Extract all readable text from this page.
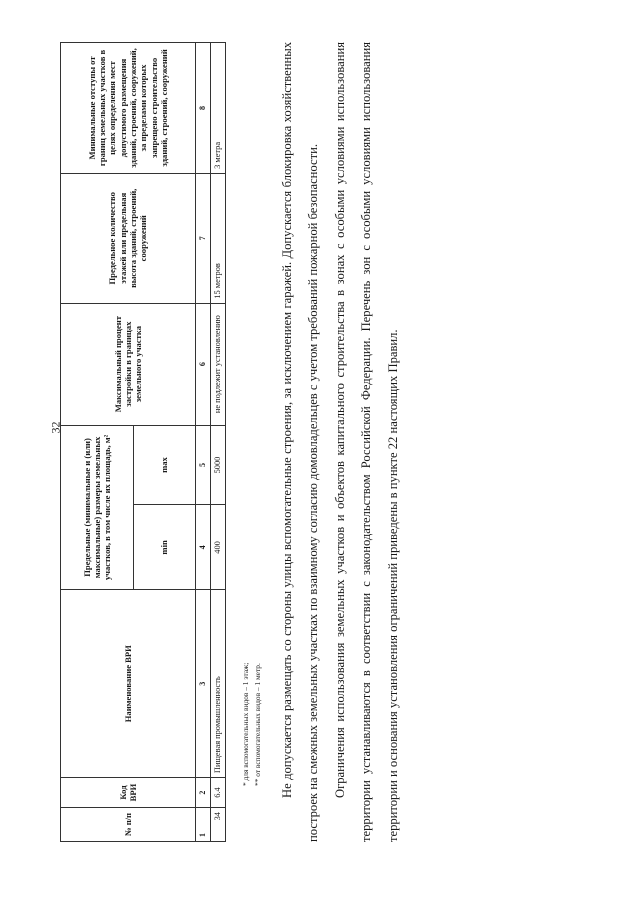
32
№ п/п	Код ВРИ	Наименование ВРИ	Предельные (минимальные и (или) максимальные) размеры земельных участков, в том числе их площадь, м²		Максимальный процент застройки в границах земельного участка	Предельное количество этажей или предельная высота зданий, строений, сооружений	Минимальные отступы от границ земельных участков в целях определения мест допустимого размещения зданий, строений, сооружений, за пределами которых запрещено строительство зданий, строений, сооружений
			min	max			
1	2	3	4	5	6	7	8
34	6.4	Пищевая промышленность	400	5000	не подлежит установлению	15 метров	3 метра
* для вспомогательных видов – 1 этаж; ** от вспомогательных видов – 1 метр.	Не допускается размещать со стороны улицы вспомогательные строения, за исключением гаражей. Допускается блокировка хозяйственных построек на смежных земельных участках по взаимному согласию домовладельцев с учетом требований пожарной безопасности. Ограничения использования земельных участков и объектов капитального строительства в зонах с особыми условиями использования территории устанавливаются в соответствии с законодательством Российской Федерации. Перечень зон с особыми условиями использования территории и основания установления ограничений приведены в пункте 22 настоящих Правил.
